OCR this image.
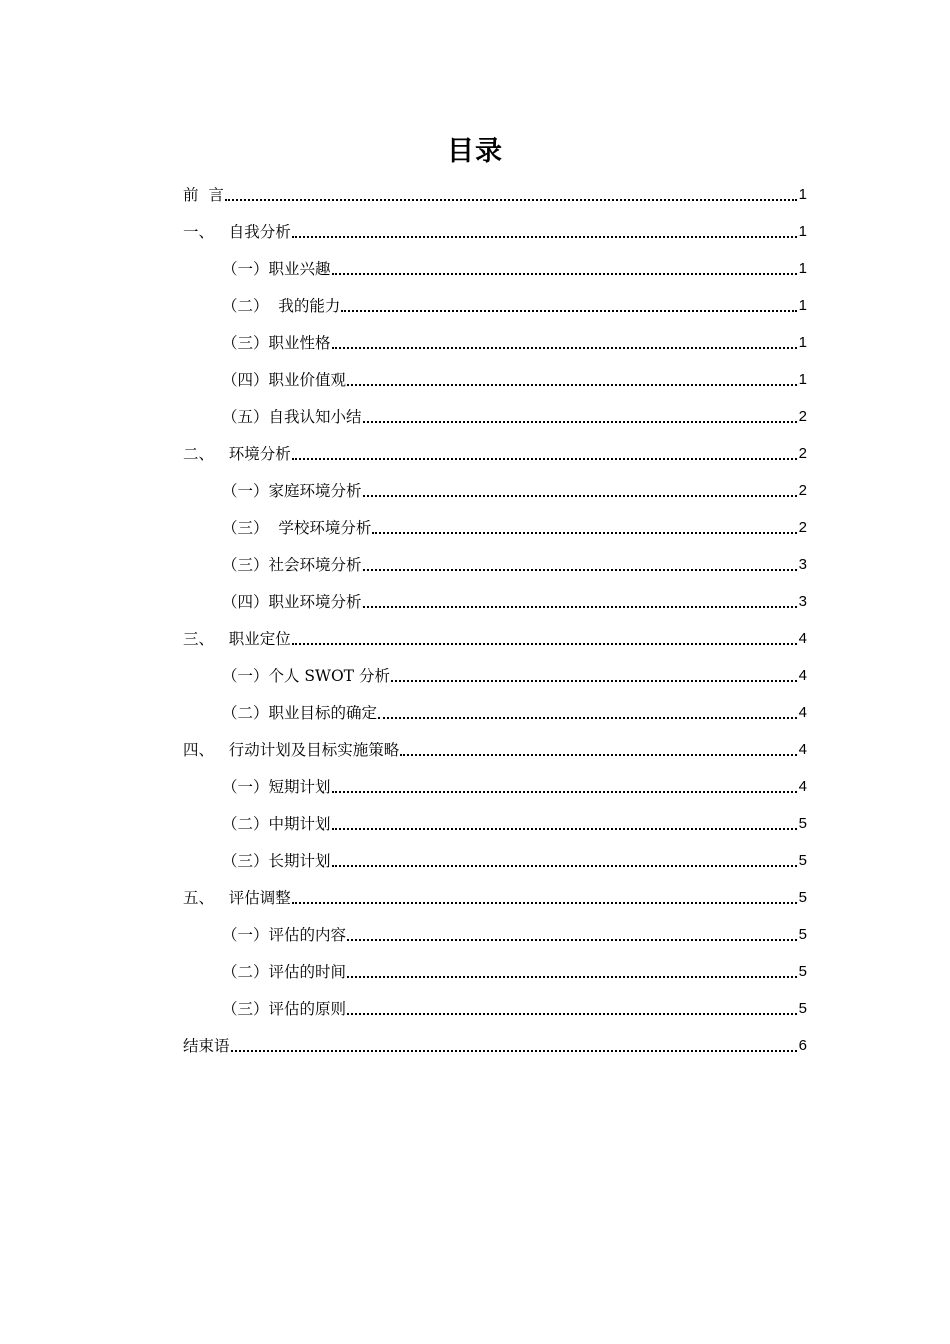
目录
前  言	1
一、   自我分析	1
（一）职业兴趣	1
（二）  我的能力	1
（三）职业性格	1
（四）职业价值观	1
（五）自我认知小结	2
二、   环境分析	2
（一）家庭环境分析	2
（三）  学校环境分析	2
（三）社会环境分析	3
（四）职业环境分析	3
三、   职业定位	4
（一）个人 SWOT 分析	4
（二）职业目标的确定	4
四、   行动计划及目标实施策略	4
（一）短期计划	4
（二）中期计划	5
（三）长期计划	5
五、   评估调整	5
（一）评估的内容	5
（二）评估的时间	5
（三）评估的原则	5
结束语	6
